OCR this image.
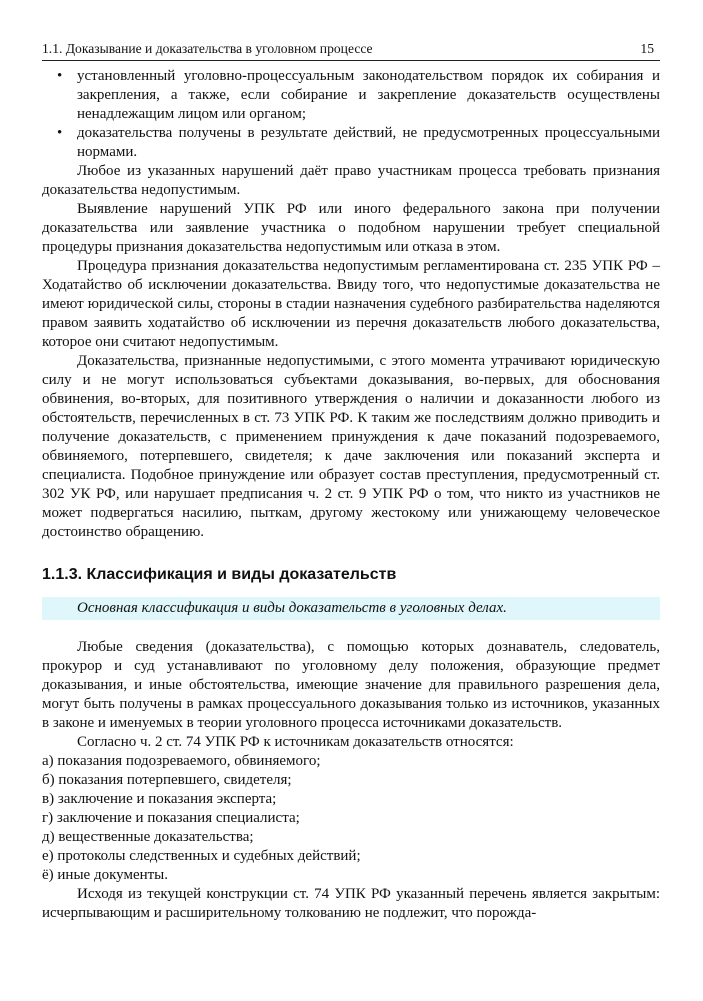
1.1. Доказывание и доказательства в уголовном процессе	15
• установленный уголовно-процессуальным законодательством порядок их собирания и закрепления, а также, если собирание и закрепление доказательств осуществлены ненадлежащим лицом или органом;
• доказательства получены в результате действий, не предусмотренных процессуальными нормами.

Любое из указанных нарушений даёт право участникам процесса требовать признания доказательства недопустимым.

Выявление нарушений УПК РФ или иного федерального закона при получении доказательства или заявление участника о подобном нарушении требует специальной процедуры признания доказательства недопустимым или отказа в этом.

Процедура признания доказательства недопустимым регламентирована ст. 235 УПК РФ – Ходатайство об исключении доказательства. Ввиду того, что недопустимые доказательства не имеют юридической силы, стороны в стадии назначения судебного разбирательства наделяются правом заявить ходатайство об исключении из перечня доказательств любого доказательства, которое они считают недопустимым.

Доказательства, признанные недопустимыми, с этого момента утрачивают юридическую силу и не могут использоваться субъектами доказывания, во-первых, для обоснования обвинения, во-вторых, для позитивного утверждения о наличии и доказанности любого из обстоятельств, перечисленных в ст. 73 УПК РФ. К таким же последствиям должно приводить и получение доказательств, с применением принуждения к даче показаний подозреваемого, обвиняемого, потерпевшего, свидетеля; к даче заключения или показаний эксперта и специалиста. Подобное принуждение или образует состав преступления, предусмотренный ст. 302 УК РФ, или нарушает предписания ч. 2 ст. 9 УПК РФ о том, что никто из участников не может подвергаться насилию, пыткам, другому жестокому или унижающему человеческое достоинство обращению.

1.1.3. Классификация и виды доказательств
Основная классификация и виды доказательств в уголовных делах.

Любые сведения (доказательства), с помощью которых дознаватель, следователь, прокурор и суд устанавливают по уголовному делу положения, образующие предмет доказывания, и иные обстоятельства, имеющие значение для правильного разрешения дела, могут быть получены в рамках процессуального доказывания только из источников, указанных в законе и именуемых в теории уголовного процесса источниками доказательств.

Согласно ч. 2 ст. 74 УПК РФ к источникам доказательств относятся:

а) показания подозреваемого, обвиняемого;

б) показания потерпевшего, свидетеля;

в) заключение и показания эксперта;

г) заключение и показания специалиста;

д) вещественные доказательства;

е) протоколы следственных и судебных действий;

ё) иные документы.

Исходя из текущей конструкции ст. 74 УПК РФ указанный перечень является закрытым: исчерпывающим и расширительному толкованию не подлежит, что порожда-
